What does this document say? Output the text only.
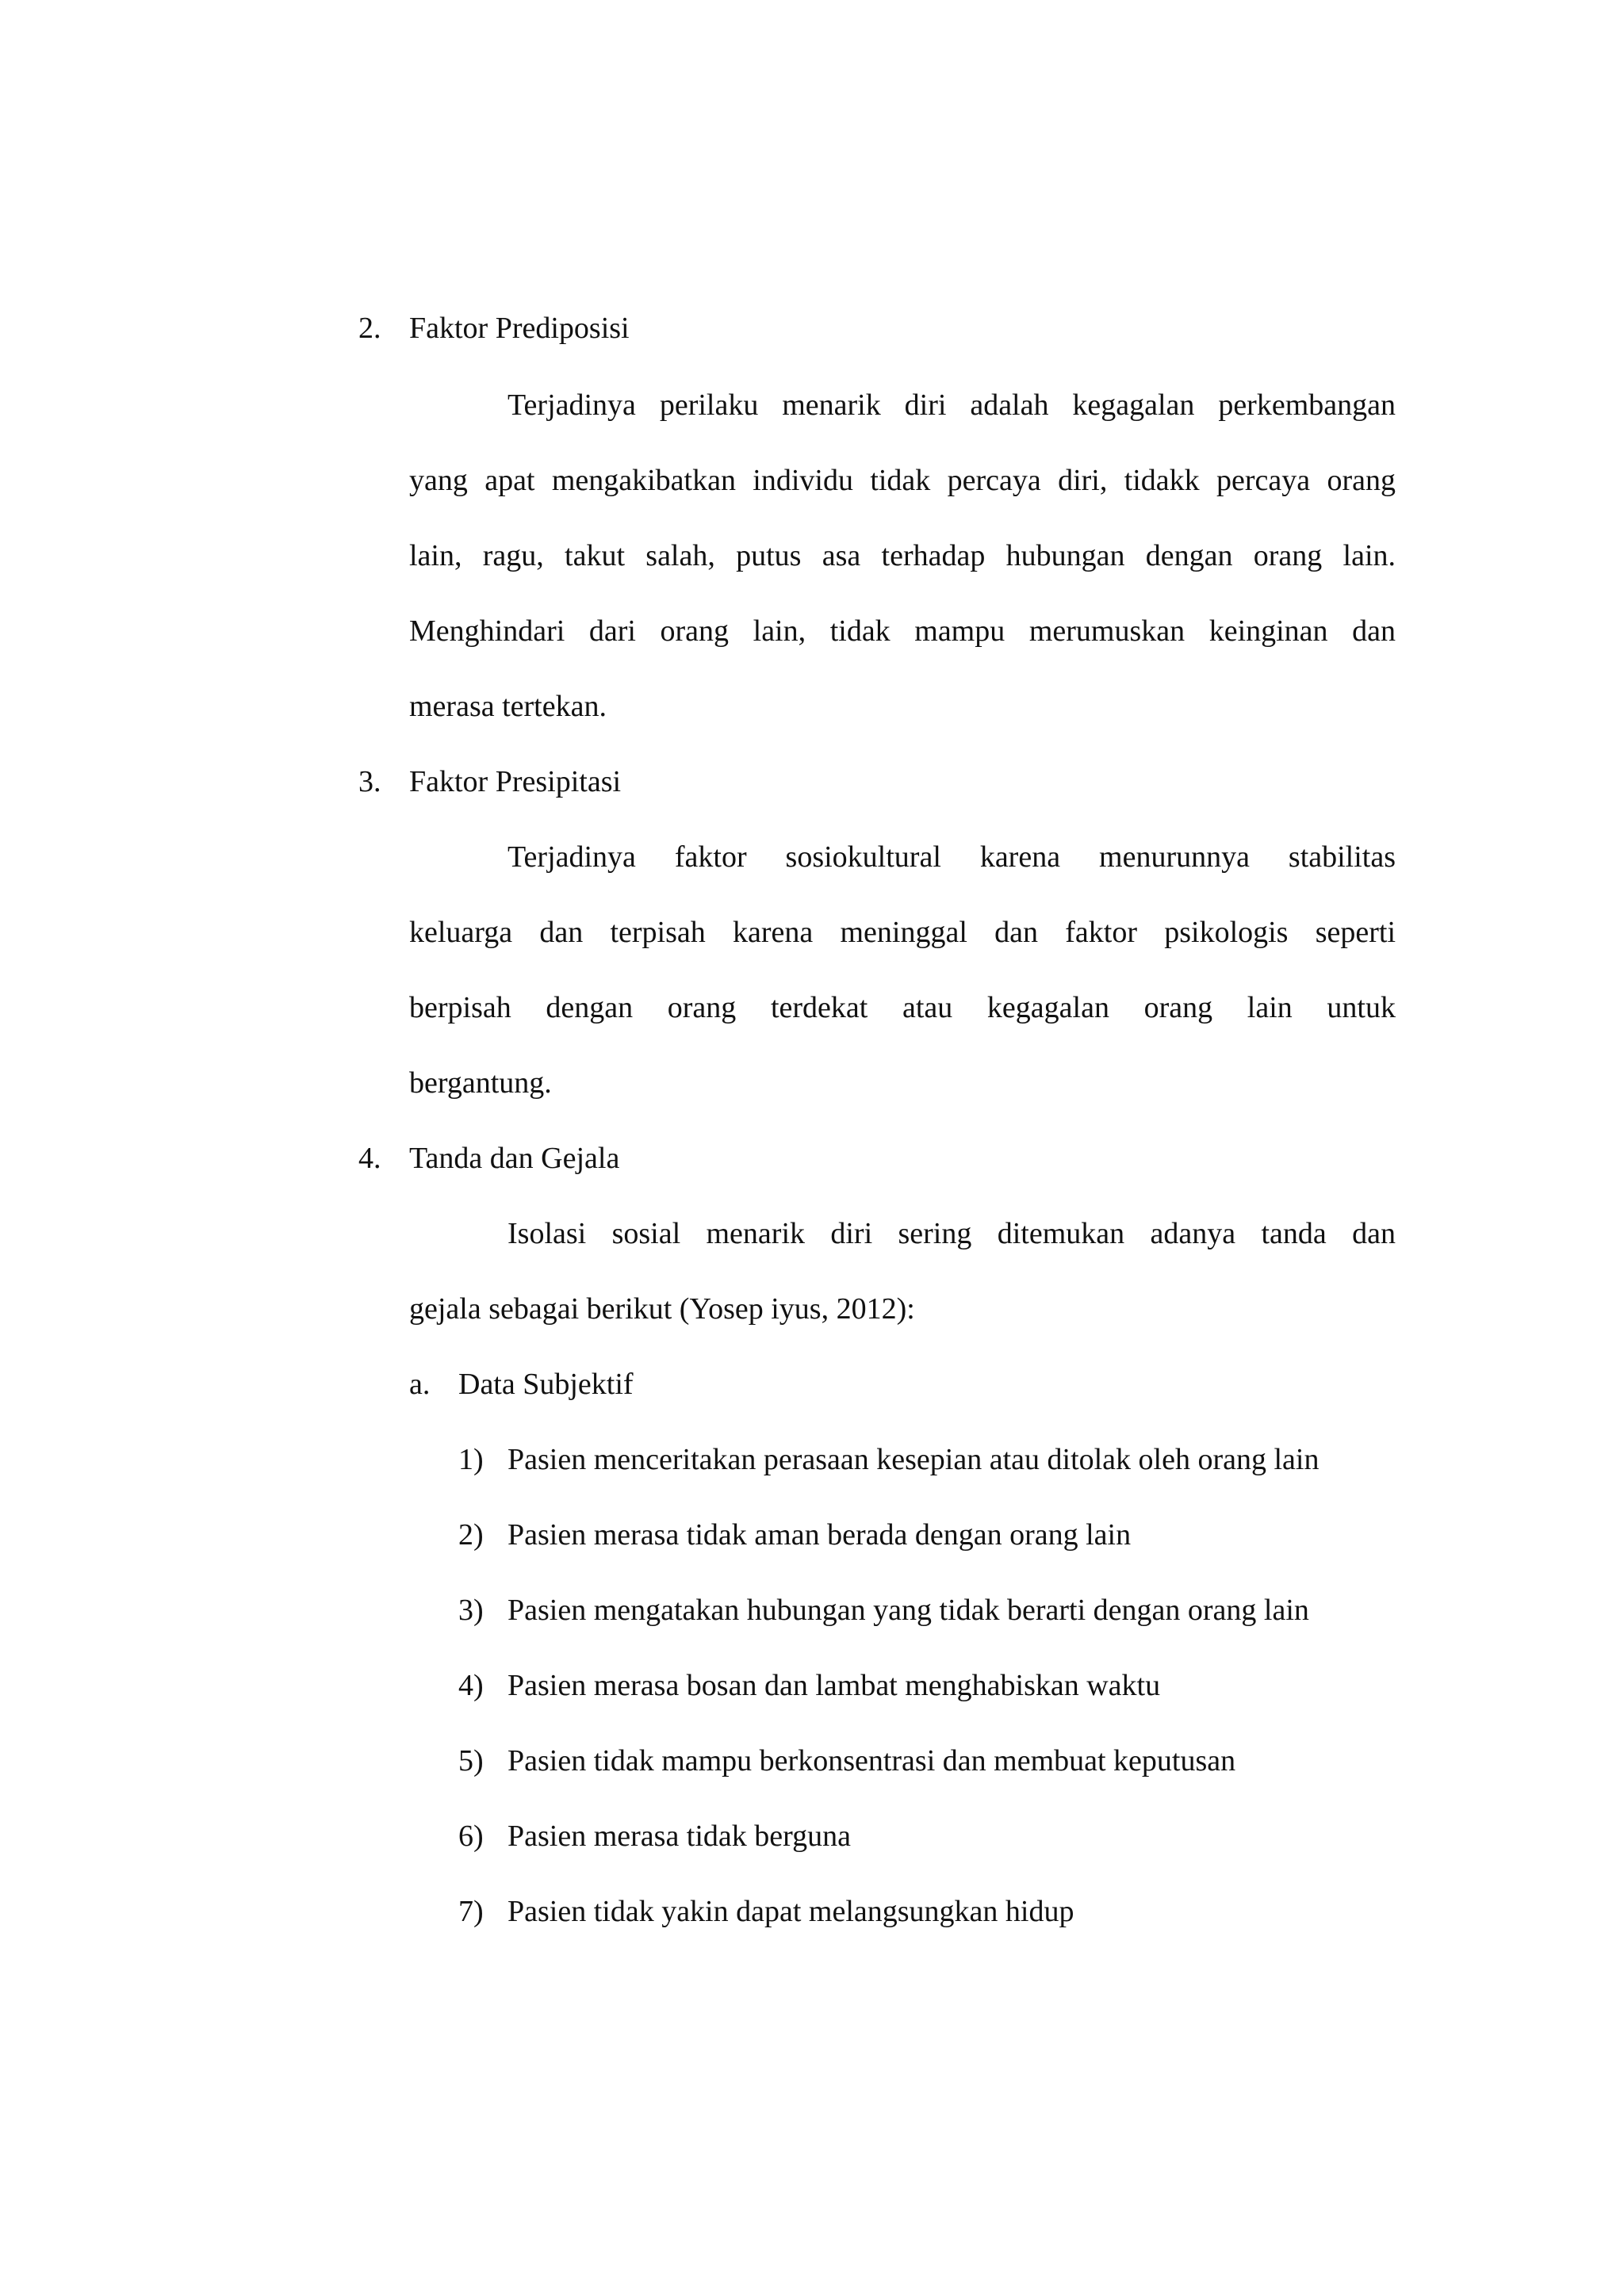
2. Faktor Prediposisi
Terjadinya perilaku menarik diri adalah kegagalan perkembangan
yang apat mengakibatkan individu tidak percaya diri, tidakk percaya orang
lain, ragu, takut salah, putus asa terhadap hubungan dengan orang lain.
Menghindari dari orang lain, tidak mampu merumuskan keinginan dan
merasa tertekan.
3. Faktor Presipitasi
Terjadinya faktor sosiokultural karena menurunnya stabilitas
keluarga dan terpisah karena meninggal dan faktor psikologis seperti
berpisah dengan orang terdekat atau kegagalan orang lain untuk
bergantung.
4. Tanda dan Gejala
Isolasi sosial menarik diri sering ditemukan adanya tanda dan
gejala sebagai berikut (Yosep iyus, 2012):
a. Data Subjektif
1) Pasien menceritakan perasaan kesepian atau ditolak oleh orang lain
2) Pasien merasa tidak aman berada dengan orang lain
3) Pasien mengatakan hubungan yang tidak berarti dengan orang lain
4) Pasien merasa bosan dan lambat menghabiskan waktu
5) Pasien tidak mampu berkonsentrasi dan membuat keputusan
6) Pasien merasa tidak berguna
7) Pasien tidak yakin dapat melangsungkan hidup
